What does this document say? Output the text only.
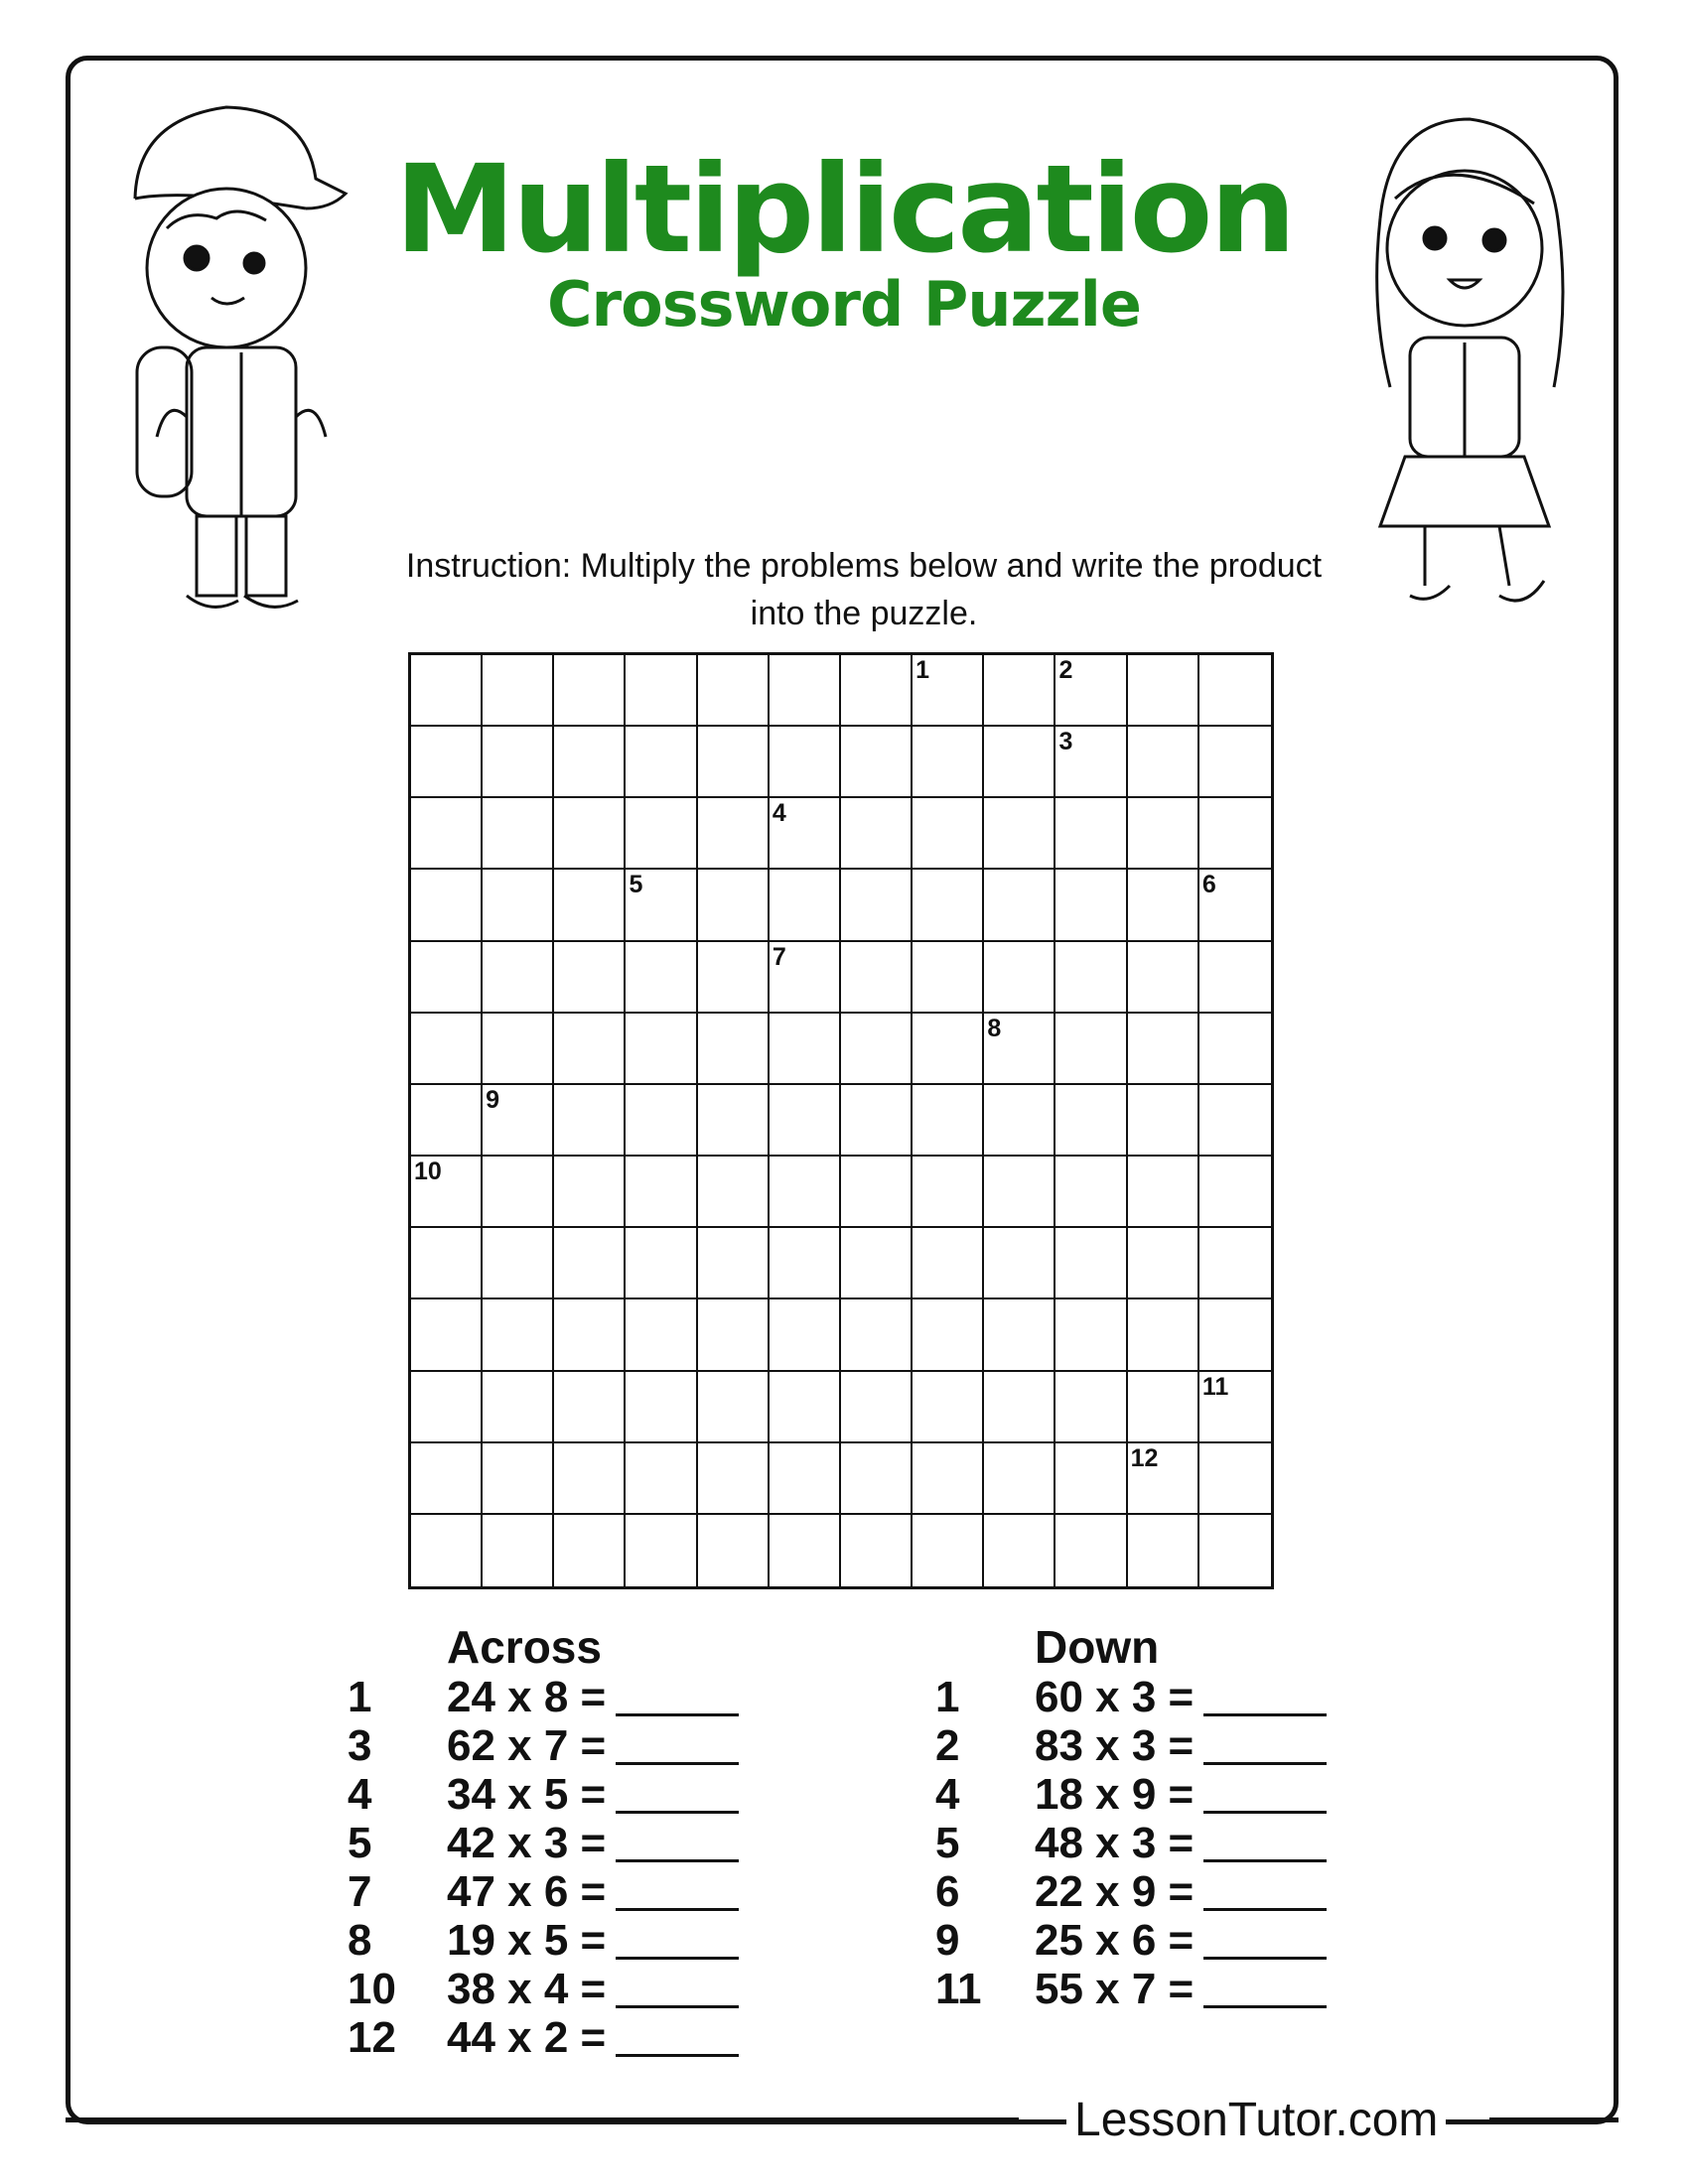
Multiplication
Crossword Puzzle
Instruction: Multiply the problems below and write the product
into the puzzle.
1	2
3
4
5	6
7
8
9
10
11
12
Across
1	24 x 8 =
3	62 x 7 =
4	34 x 5 =
5	42 x 3 =
7	47 x 6 =
8	19 x 5 =
10	38 x 4 =
12	44 x 2 =
Down
1	60 x 3 =
2	83 x 3 =
4	18 x 9 =
5	48 x 3 =
6	22 x 9 =
9	25 x 6 =
11	55 x 7 =
LessonTutor.com
